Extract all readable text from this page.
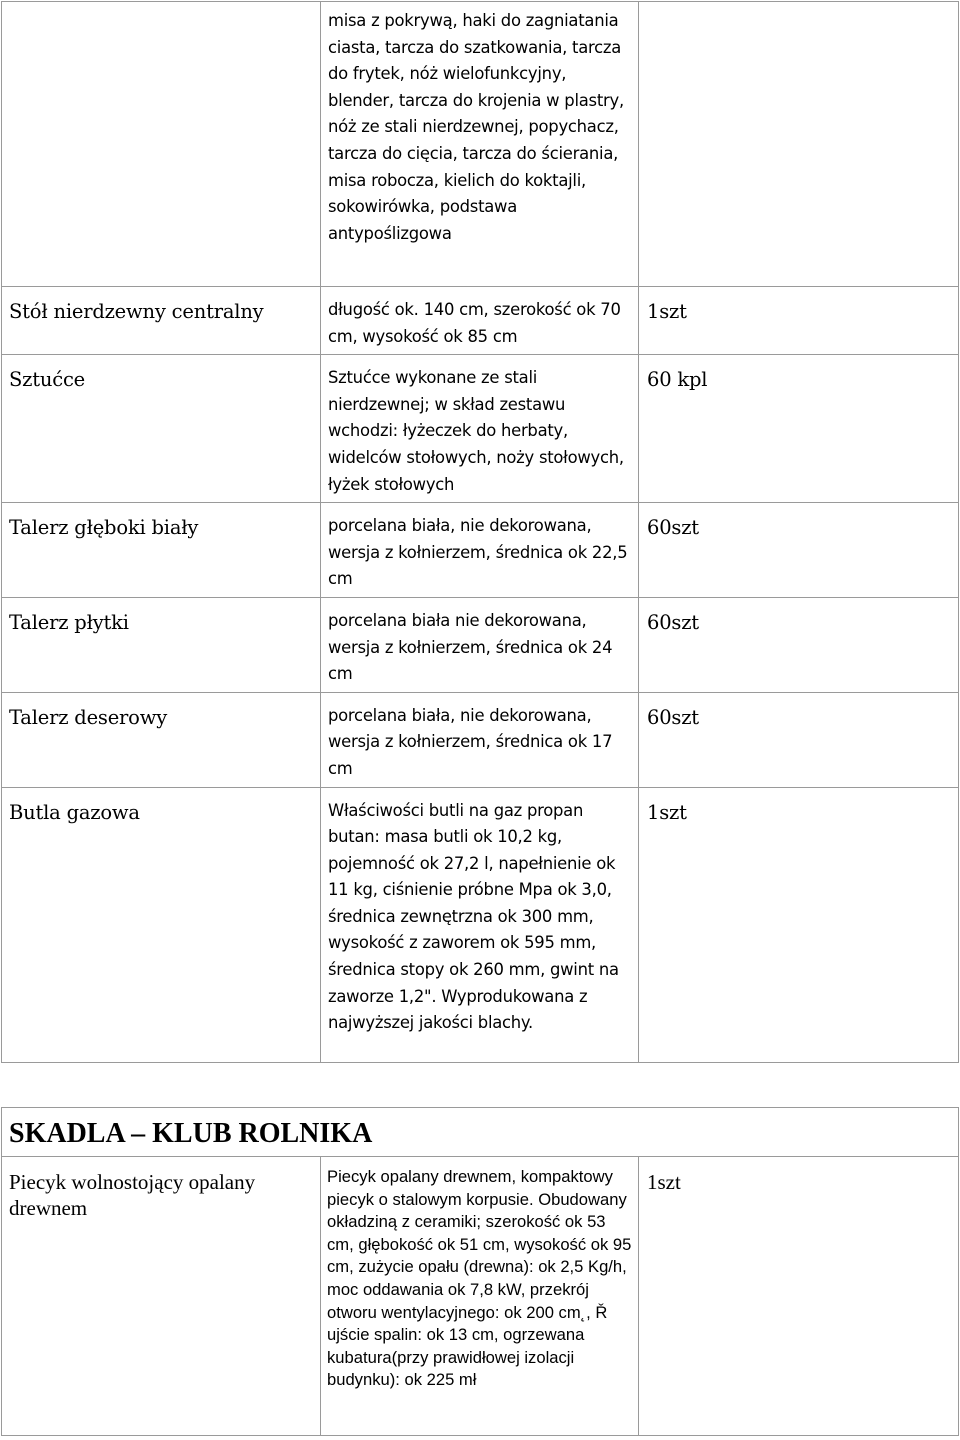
	misa z pokrywą, haki do zagniatania ciasta, tarcza do szatkowania, tarcza do frytek, nóż wielofunkcyjny, blender, tarcza do krojenia w plastry, nóż ze stali nierdzewnej, popychacz, tarcza do cięcia, tarcza do ścierania, misa robocza, kielich do koktajli, sokowirówka, podstawa antypoślizgowa	
Stół nierdzewny centralny	długość ok. 140 cm, szerokość ok 70 cm, wysokość ok 85 cm	1szt
Sztućce	Sztućce wykonane ze stali nierdzewnej; w skład zestawu wchodzi: łyżeczek do herbaty, widelców stołowych, noży stołowych, łyżek stołowych	60 kpl
Talerz głęboki biały	porcelana biała, nie dekorowana, wersja z kołnierzem, średnica ok 22,5 cm	60szt
Talerz płytki	porcelana biała nie dekorowana, wersja z kołnierzem, średnica ok 24 cm	60szt
Talerz deserowy	porcelana biała, nie dekorowana, wersja z kołnierzem, średnica ok 17 cm	60szt
Butla gazowa	Właściwości butli na gaz propan butan: masa butli ok 10,2 kg, pojemność ok 27,2 l, napełnienie ok 11 kg, ciśnienie próbne Mpa ok 3,0, średnica zewnętrzna ok 300 mm, wysokość z zaworem ok 595 mm, średnica stopy ok 260 mm, gwint na zaworze 1,2". Wyprodukowana z najwyższej jakości blachy.	1szt
SKADLA – KLUB ROLNIKA
Piecyk wolnostojący opalany drewnem	Piecyk opalany drewnem, kompaktowy piecyk o stalowym korpusie. Obudowany okładziną z ceramiki; szerokość ok 53 cm, głębokość ok 51 cm, wysokość ok 95 cm, zużycie opału (drewna): ok 2,5 Kg/h, moc oddawania ok 7,8 kW, przekrój otworu wentylacyjnego: ok 200 cm˛, Ř ujście spalin: ok 13 cm, ogrzewana kubatura(przy prawidłowej izolacji budynku): ok 225 mł	1szt
